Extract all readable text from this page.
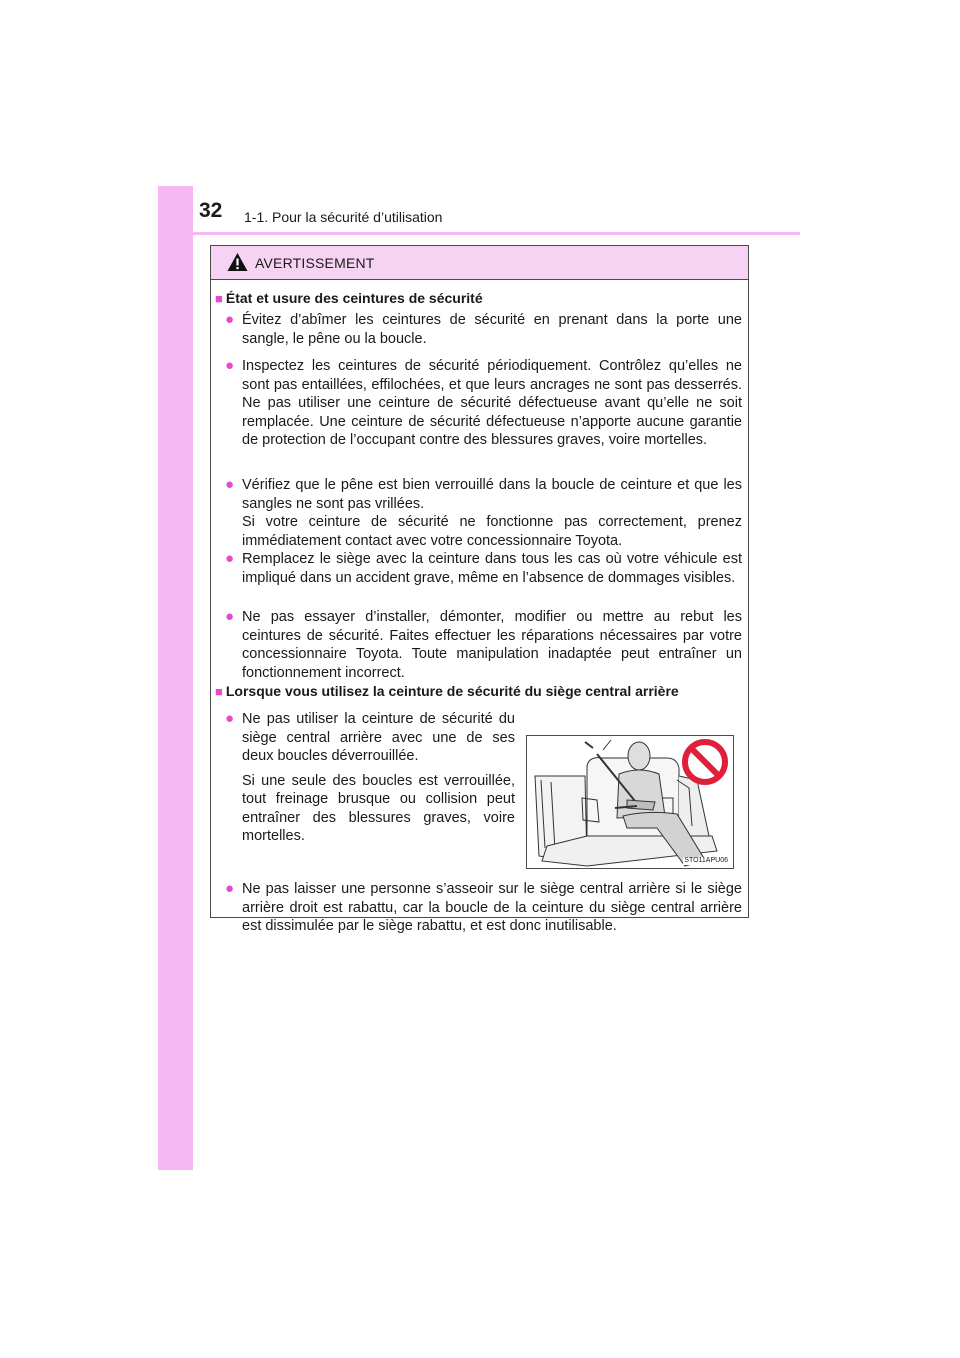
32 1-1. Pour la sécurité d’utilisation
AVERTISSEMENT
■ État et usure des ceintures de sécurité
● Évitez d’abîmer les ceintures de sécurité en prenant dans la porte une sangle, le pêne ou la boucle.
● Inspectez les ceintures de sécurité périodiquement. Contrôlez qu’elles ne sont pas entaillées, effilochées, et que leurs ancrages ne sont pas desserrés. Ne pas utiliser une ceinture de sécurité défectueuse avant qu’elle ne soit remplacée. Une ceinture de sécurité défectueuse n’apporte aucune garantie de protection de l’occupant contre des blessures graves, voire mortelles.
● Vérifiez que le pêne est bien verrouillé dans la boucle de ceinture et que les sangles ne sont pas vrillées.

Si votre ceinture de sécurité ne fonctionne pas correctement, prenez immédiatement contact avec votre concessionnaire Toyota.

● Remplacez le siège avec la ceinture dans tous les cas où votre véhicule est impliqué dans un accident grave, même en l’absence de dommages visibles.
● Ne pas essayer d’installer, démonter, modifier ou mettre au rebut les ceintures de sécurité. Faites effectuer les réparations nécessaires par votre concessionnaire Toyota. Toute manipulation inadaptée peut entraîner un fonctionnement incorrect.
■ Lorsque vous utilisez la ceinture de sécurité du siège central arrière
● Ne pas utiliser la ceinture de sécurité du siège central arrière avec une de ses deux boucles déverrouillée.

Si une seule des boucles est verrouillée, tout freinage brusque ou collision peut entraîner des blessures graves, voire mortelles.

STO11APU06
● Ne pas laisser une personne s’asseoir sur le siège central arrière si le siège arrière droit est rabattu, car la boucle de la ceinture du siège central arrière est dissimulée par le siège rabattu, et est donc inutilisable.
